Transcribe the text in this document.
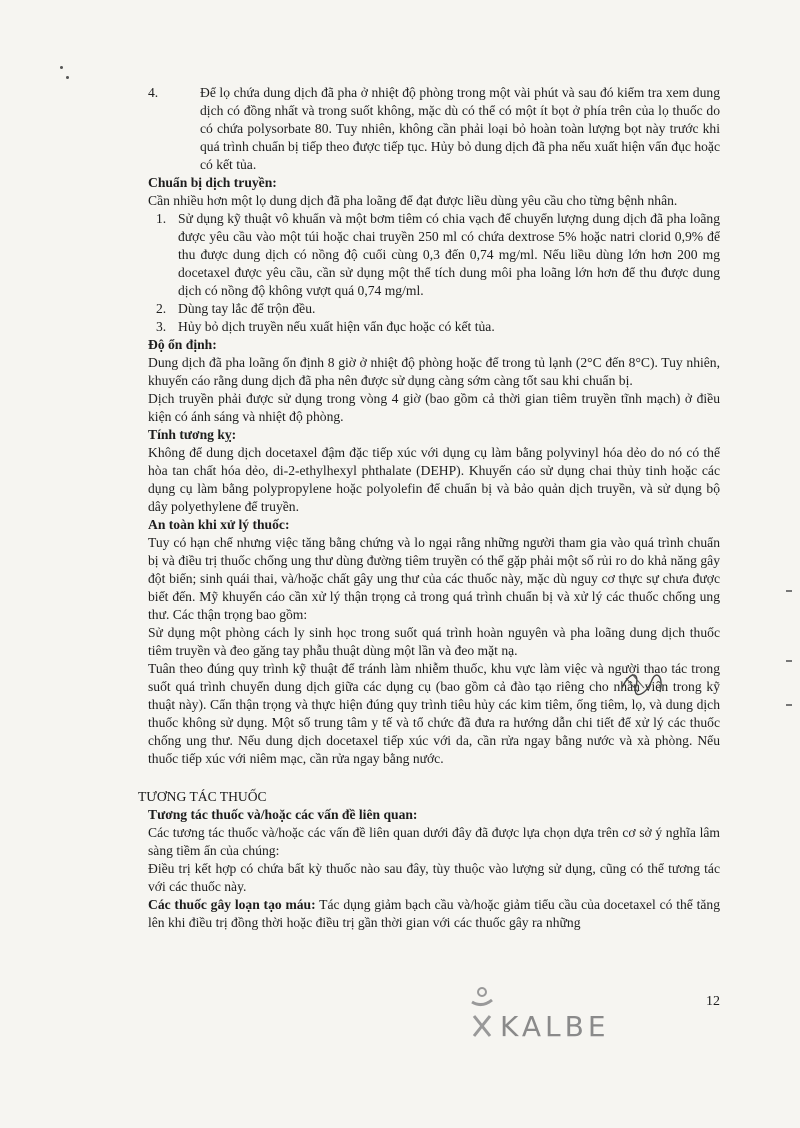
4.	Để lọ chứa dung dịch đã pha ở nhiệt độ phòng trong một vài phút và sau đó kiểm tra xem dung dịch có đồng nhất và trong suốt không, mặc dù có thể có một ít bọt ở phía trên của lọ thuốc do có chứa polysorbate 80. Tuy nhiên, không cần phải loại bỏ hoàn toàn lượng bọt này trước khi quá trình chuẩn bị tiếp theo được tiếp tục. Hủy bỏ dung dịch đã pha nếu xuất hiện vẩn đục hoặc có kết tủa.

Chuẩn bị dịch truyền:

Cần nhiều hơn một lọ dung dịch đã pha loãng để đạt được liều dùng yêu cầu cho từng bệnh nhân.

1. Sử dụng kỹ thuật vô khuẩn và một bơm tiêm có chia vạch để chuyển lượng dung dịch đã pha loãng được yêu cầu vào một túi hoặc chai truyền 250 ml có chứa dextrose 5% hoặc natri clorid 0,9% để thu được dung dịch có nồng độ cuối cùng 0,3 đến 0,74 mg/ml. Nếu liều dùng lớn hơn 200 mg docetaxel được yêu cầu, cần sử dụng một thể tích dung môi pha loãng lớn hơn để thu được dung dịch có nồng độ không vượt quá 0,74 mg/ml.

2. Dùng tay lắc để trộn đều.

3. Hủy bỏ dịch truyền nếu xuất hiện vẩn đục hoặc có kết tủa.

Độ ổn định:

Dung dịch đã pha loãng ổn định 8 giờ ở nhiệt độ phòng hoặc để trong tủ lạnh (2°C đến 8°C). Tuy nhiên, khuyến cáo rằng dung dịch đã pha nên được sử dụng càng sớm càng tốt sau khi chuẩn bị.

Dịch truyền phải được sử dụng trong vòng 4 giờ (bao gồm cả thời gian tiêm truyền tĩnh mạch) ở điều kiện có ánh sáng và nhiệt độ phòng.

Tính tương kỵ:

Không để dung dịch docetaxel đậm đặc tiếp xúc với dụng cụ làm bằng polyvinyl hóa dẻo do nó có thể hòa tan chất hóa dẻo, di-2-ethylhexyl phthalate (DEHP). Khuyến cáo sử dụng chai thủy tinh hoặc các dụng cụ làm bằng polypropylene hoặc polyolefin để chuẩn bị và bảo quản dịch truyền, và sử dụng bộ dây polyethylene để truyền.

An toàn khi xử lý thuốc:

Tuy có hạn chế nhưng việc tăng bằng chứng và lo ngại rằng những người tham gia vào quá trình chuẩn bị và điều trị thuốc chống ung thư dùng đường tiêm truyền có thể gặp phải một số rủi ro do khả năng gây đột biến; sinh quái thai, và/hoặc chất gây ung thư của các thuốc này, mặc dù nguy cơ thực sự chưa được biết đến. Mỹ khuyến cáo cần xử lý thận trọng cả trong quá trình chuẩn bị và xử lý các thuốc chống ung thư. Các thận trọng bao gồm:

Sử dụng một phòng cách ly sinh học trong suốt quá trình hoàn nguyên và pha loãng dung dịch thuốc tiêm truyền và đeo găng tay phẫu thuật dùng một lần và đeo mặt nạ.

Tuân theo đúng quy trình kỹ thuật để tránh làm nhiễm thuốc, khu vực làm việc và người thao tác trong suốt quá trình chuyển dung dịch giữa các dụng cụ (bao gồm cả đào tạo riêng cho nhân viên trong kỹ thuật này). Cẩn thận trọng và thực hiện đúng quy trình tiêu hủy các kim tiêm, ống tiêm, lọ, và dung dịch thuốc không sử dụng. Một số trung tâm y tế và tổ chức đã đưa ra hướng dẫn chi tiết để xử lý các thuốc chống ung thư. Nếu dung dịch docetaxel tiếp xúc với da, cần rửa ngay bằng nước và xà phòng. Nếu thuốc tiếp xúc với niêm mạc, cần rửa ngay bằng nước.

TƯƠNG TÁC THUỐC

Tương tác thuốc và/hoặc các vấn đề liên quan:

Các tương tác thuốc và/hoặc các vấn đề liên quan dưới đây đã được lựa chọn dựa trên cơ sở ý nghĩa lâm sàng tiềm ẩn của chúng:

Điều trị kết hợp có chứa bất kỳ thuốc nào sau đây, tùy thuộc vào lượng sử dụng, cũng có thể tương tác với các thuốc này.

Các thuốc gây loạn tạo máu: Tác dụng giảm bạch cầu và/hoặc giảm tiểu cầu của docetaxel có thể tăng lên khi điều trị đồng thời hoặc điều trị gần thời gian với các thuốc gây ra những

12
KALBE
